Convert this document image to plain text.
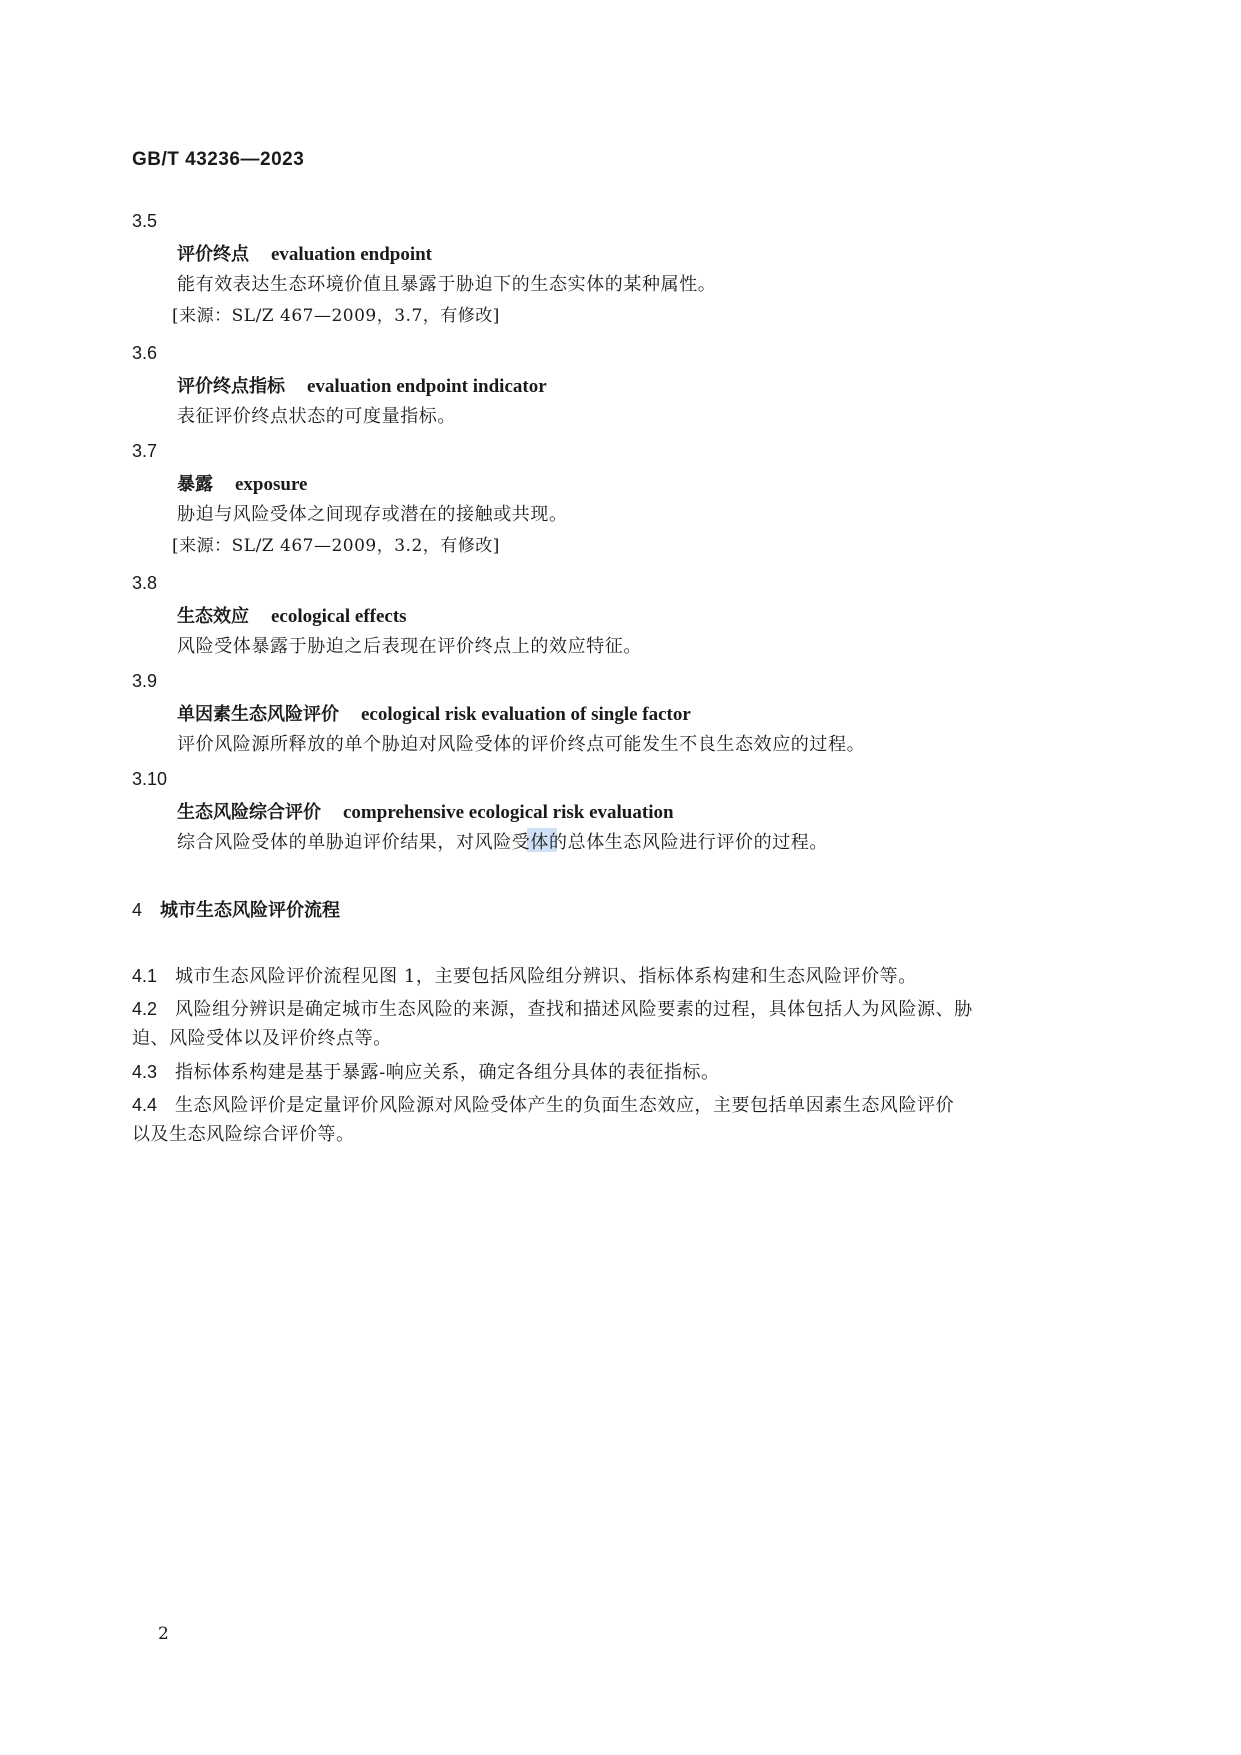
GB/T 43236—2023
3.5
评价终点 evaluation endpoint
能有效表达生态环境价值且暴露于胁迫下的生态实体的某种属性。
[来源：SL/Z 467—2009，3.7，有修改]
3.6
评价终点指标 evaluation endpoint indicator
表征评价终点状态的可度量指标。
3.7
暴露 exposure
胁迫与风险受体之间现存或潜在的接触或共现。
[来源：SL/Z 467—2009，3.2，有修改]
3.8
生态效应 ecological effects
风险受体暴露于胁迫之后表现在评价终点上的效应特征。
3.9
单因素生态风险评价 ecological risk evaluation of single factor
评价风险源所释放的单个胁迫对风险受体的评价终点可能发生不良生态效应的过程。
3.10
生态风险综合评价 comprehensive ecological risk evaluation
综合风险受体的单胁迫评价结果，对风险受体的总体生态风险进行评价的过程。
4 城市生态风险评价流程
4.1 城市生态风险评价流程见图 1，主要包括风险组分辨识、指标体系构建和生态风险评价等。
4.2 风险组分辨识是确定城市生态风险的来源，查找和描述风险要素的过程，具体包括人为风险源、胁
迫、风险受体以及评价终点等。
4.3 指标体系构建是基于暴露-响应关系，确定各组分具体的表征指标。
4.4 生态风险评价是定量评价风险源对风险受体产生的负面生态效应，主要包括单因素生态风险评价
以及生态风险综合评价等。
2
